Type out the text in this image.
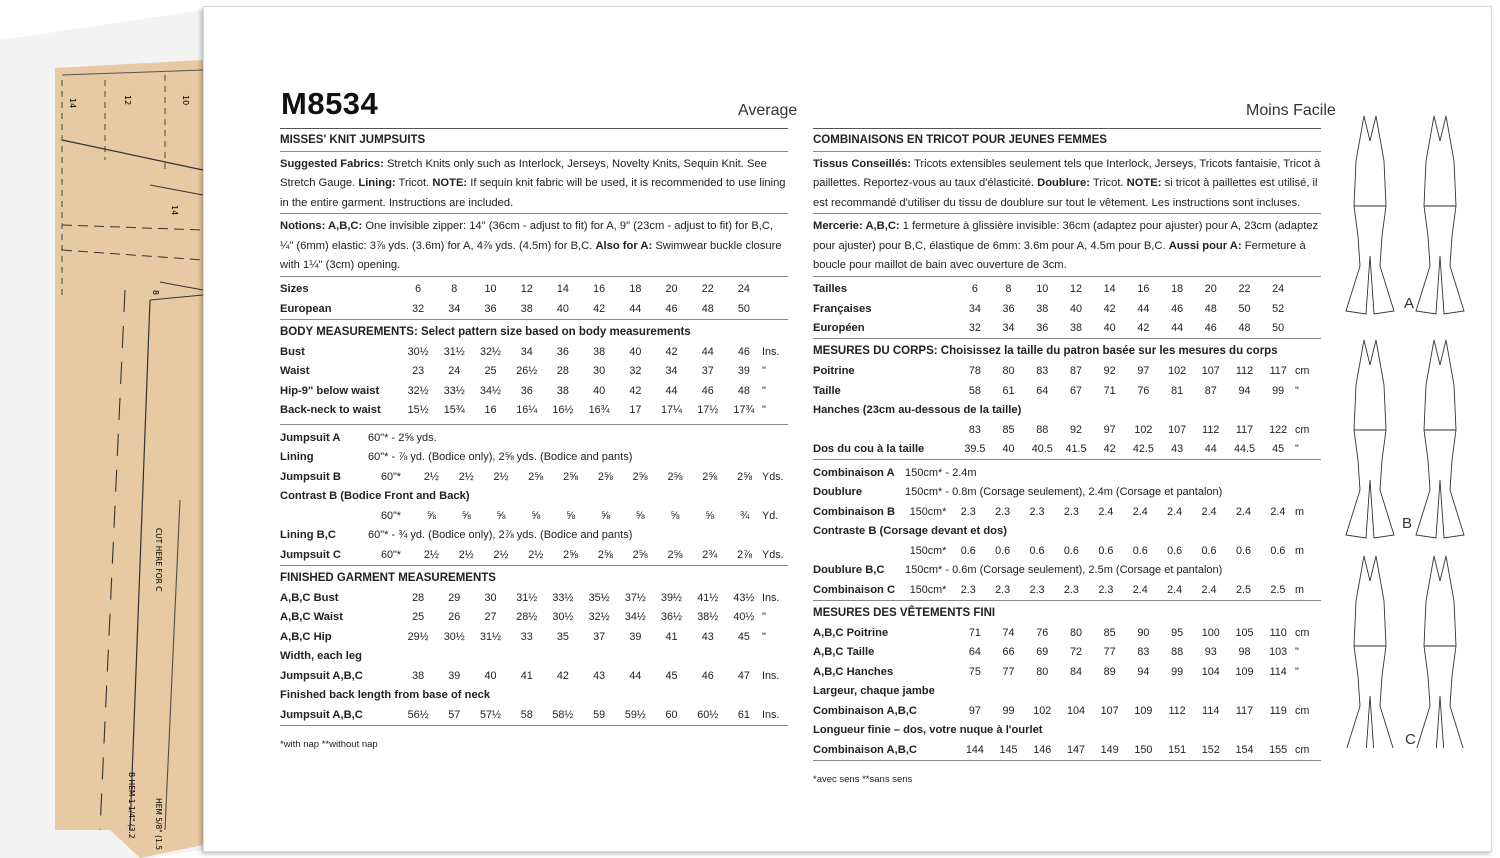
14	12	10
14
8
CUT HERE FOR C
B HEM 1 1/4" (3.2 HEM 5/8" (1.5
M8534	Average	Moins Facile
MISSES' KNIT JUMPSUITS

Suggested Fabrics: Stretch Knits only such as Interlock, Jerseys, Novelty Knits, Sequin Knit. See Stretch Gauge. Lining: Tricot. NOTE: If sequin knit fabric will be used, it is recommended to use lining in the entire garment. Instructions are included.

Notions: A,B,C: One invisible zipper: 14" (36cm - adjust to fit) for A, 9" (23cm - adjust to fit) for B,C, ¼" (6mm) elastic: 3⅞ yds. (3.6m) for A, 4⅞ yds. (4.5m) for B,C. Also for A: Swimwear buckle closure with 1¼" (3cm) opening.

Sizes	6	8	10	12	14	16	18	20	22	24
European	32	34	36	38	40	42	44	46	48	50
BODY MEASUREMENTS: Select pattern size based on body measurements
Bust	30½	31½	32½	34	36	38	40	42	44	46	Ins.
Waist	23	24	25	26½	28	30	32	34	37	39	"
Hip-9" below waist	32½	33½	34½	36	38	40	42	44	46	48	"
Back-neck to waist	15½	15¾	16	16¼	16½	16¾	17	17¼	17½	17¾ "
Jumpsuit A	60"* - 2⅝ yds.
Lining	60"* - ⅞ yd. (Bodice only), 2⅝ yds. (Bodice and pants)
Jumpsuit B	60"*	2½	2½	2½	2⅝	2⅝	2⅝	2⅝	2⅝	2⅝	2⅝ Yds.
Contrast B (Bodice Front and Back)
60"*	⅝	⅝	⅝	⅝	⅝	⅝	⅝	⅝	⅝	¾	Yd.
Lining B,C	60"* - ¾ yd. (Bodice only), 2⅞ yds. (Bodice and pants)
Jumpsuit C	60"*	2½	2½	2½	2½	2⅝	2⅝	2⅝	2⅝	2¾	2⅞ Yds.
FINISHED GARMENT MEASUREMENTS
A,B,C Bust	28	29	30	31½	33½	35½	37½	39½	41½	43½ Ins.
A,B,C Waist	25	26	27	28½	30½	32½	34½	36½	38½	40½ "
A,B,C Hip	29½	30½	31½	33	35	37	39	41	43	45	"
Width, each leg
Jumpsuit A,B,C	38	39	40	41	42	43	44	45	46	47	Ins.
Finished back length from base of neck
Jumpsuit A,B,C	56½	57	57½	58	58½	59	59½	60	60½	61	Ins.
*with nap **without nap
COMBINAISONS EN TRICOT POUR JEUNES FEMMES

Tissus Conseillés: Tricots extensibles seulement tels que Interlock, Jerseys, Tricots fantaisie, Tricot à paillettes. Reportez-vous au taux d'élasticité. Doublure: Tricot. NOTE: si tricot à paillettes est utilisé, il est recommandé d'utiliser du tissu de doublure sur tout le vêtement. Les instructions sont incluses.

Mercerie: A,B,C: 1 fermeture à glissière invisible: 36cm (adaptez pour ajuster) pour A, 23cm (adaptez pour ajuster) pour B,C, élastique de 6mm: 3.6m pour A, 4.5m pour B,C. Aussi pour A: Fermeture à boucle pour maillot de bain avec ouverture de 3cm.

Tailles	6	8	10	12	14	16	18	20	22	24
Françaises	34	36	38	40	42	44	46	48	50	52
Européen	32	34	36	38	40	42	44	46	48	50
MESURES DU CORPS: Choisissez la taille du patron basée sur les mesures du corps
Poitrine	78	80	83	87	92	97	102	107	112	117 cm
Taille	58	61	64	67	71	76	81	87	94	99	"
Hanches (23cm au-dessous de la taille)
83	85	88	92	97	102	107	112	117	122 cm
Dos du cou à la taille	39.5	40	40.5	41.5	42	42.5	43	44	44.5	45	"
Combinaison A 150cm* - 2.4m
Doublure	150cm* - 0.8m (Corsage seulement), 2.4m (Corsage et pantalon)
Combinaison B	150cm*	2.3	2.3	2.3	2.3	2.4	2.4	2.4	2.4	2.4	2.4 m
Contraste B (Corsage devant et dos)
150cm*	0.6	0.6	0.6	0.6	0.6	0.6	0.6	0.6	0.6	0.6 m
Doublure B,C	150cm* - 0.6m (Corsage seulement), 2.5m (Corsage et pantalon)
Combinaison C	150cm*	2.3	2.3	2.3	2.3	2.3	2.4	2.4	2.4	2.5	2.5 m
MESURES DES VÊTEMENTS FINI
A,B,C Poitrine	71	74	76	80	85	90	95	100	105	110 cm
A,B,C Taille	64	66	69	72	77	83	88	93	98	103 "
A,B,C Hanches	75	77	80	84	89	94	99	104	109	114 "
Largeur, chaque jambe
Combinaison A,B,C	97	99	102	104	107	109	112	114	117	119 cm
Longueur finie – dos, votre nuque à l'ourlet
Combinaison A,B,C	144	145	146	147	149	150	151	152	154	155 cm
*avec sens **sans sens
A
B
C
